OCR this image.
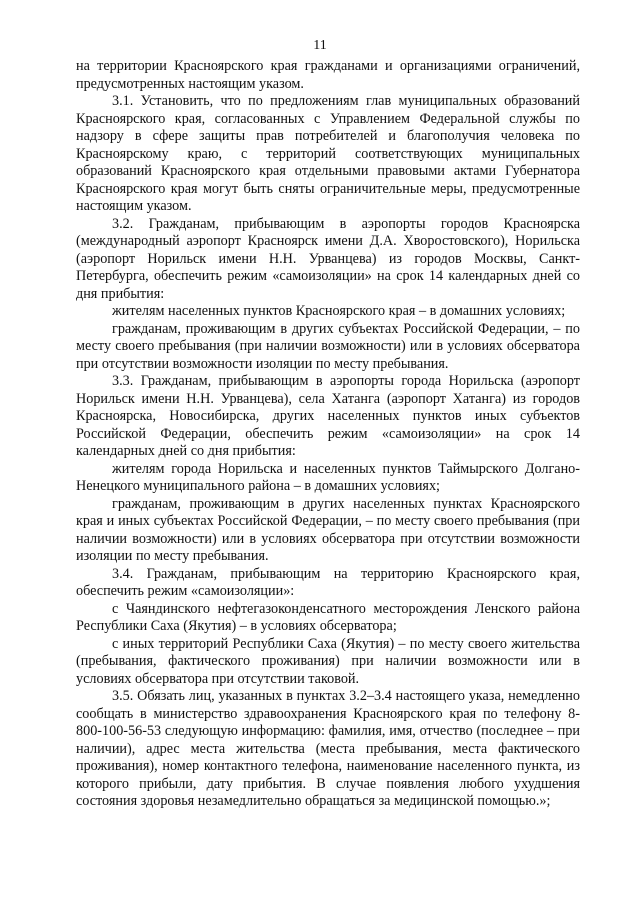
11

на территории Красноярского края гражданами и организациями ограничений, предусмотренных настоящим указом.

3.1. Установить, что по предложениям глав муниципальных образований Красноярского края, согласованных с Управлением Федеральной службы по надзору в сфере защиты прав потребителей и благополучия человека по Красноярскому краю, с территорий соответствующих муниципальных образований Красноярского края отдельными правовыми актами Губернатора Красноярского края могут быть сняты ограничительные меры, предусмотренные настоящим указом.

3.2. Гражданам, прибывающим в аэропорты городов Красноярска (международный аэропорт Красноярск имени Д.А. Хворостовского), Норильска (аэропорт Норильск имени Н.Н. Урванцева) из городов Москвы, Санкт-Петербурга, обеспечить режим «самоизоляции» на срок 14 календарных дней со дня прибытия:

жителям населенных пунктов Красноярского края – в домашних условиях;

гражданам, проживающим в других субъектах Российской Федерации, – по месту своего пребывания (при наличии возможности) или в условиях обсерватора при отсутствии возможности изоляции по месту пребывания.

3.3. Гражданам, прибывающим в аэропорты города Норильска (аэропорт Норильск имени Н.Н. Урванцева), села Хатанга (аэропорт Хатанга) из городов Красноярска, Новосибирска, других населенных пунктов иных субъектов Российской Федерации, обеспечить режим «самоизоляции» на срок 14 календарных дней со дня прибытия:

жителям города Норильска и населенных пунктов Таймырского Долгано-Ненецкого муниципального района – в домашних условиях;

гражданам, проживающим в других населенных пунктах Красноярского края и иных субъектах Российской Федерации, – по месту своего пребывания (при наличии возможности) или в условиях обсерватора при отсутствии возможности изоляции по месту пребывания.

3.4. Гражданам, прибывающим на территорию Красноярского края, обеспечить режим «самоизоляции»:

с Чаяндинского нефтегазоконденсатного месторождения Ленского района Республики Саха (Якутия) – в условиях обсерватора;

с иных территорий Республики Саха (Якутия) – по месту своего жительства (пребывания, фактического проживания) при наличии возможности или в условиях обсерватора при отсутствии таковой.

3.5. Обязать лиц, указанных в пунктах 3.2–3.4 настоящего указа, немедленно сообщать в министерство здравоохранения Красноярского края по телефону 8-800-100-56-53 следующую информацию: фамилия, имя, отчество (последнее – при наличии), адрес места жительства (места пребывания, места фактического проживания), номер контактного телефона, наименование населенного пункта, из которого прибыли, дату прибытия. В случае появления любого ухудшения состояния здоровья незамедлительно обращаться за медицинской помощью.»;
